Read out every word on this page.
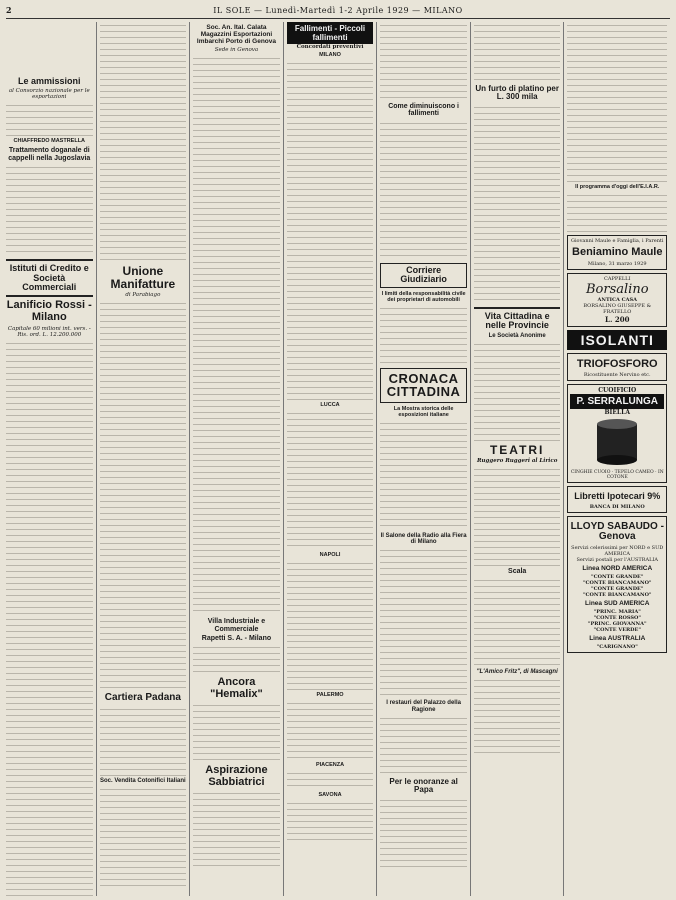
2	IL SOLE — Lunedì-Martedì 1-2 Aprile 1929 — MILANO
Le ammissioni
al Consorzio nazionale per le esportazioni
CHIAFFREDO MASTRELLA
Trattamento doganale di cappelli nella Jugoslavia
Istituti di Credito e Società Commerciali
Lanificio Rossi - Milano
Capitale 60 milioni int. vers. - Ris. ord. L. 12.200.000
Unione Manifatture
di Parabiago
Cartiera Padana
Soc. Vendita Cotonifici Italiani
Soc. An. Ital. Calata Magazzini Esportazioni Imbarchi Porto di Genova
Sede in Genova
Villa Industriale e Commerciale
Rapetti S. A. - Milano
Ancora "Hemalix"
Aspirazione Sabbiatrici
Fallimenti - Piccoli fallimenti
Concordati preventivi
MILANO
LUCCA
NAPOLI
PALERMO
PIACENZA
SAVONA
Come diminuiscono i fallimenti
Corriere Giudiziario
I limiti della responsabilità civile dei proprietari di automobili
CRONACA CITTADINA
La Mostra storica delle esposizioni italiane
Il Salone della Radio alla Fiera di Milano
I restauri del Palazzo della Ragione
Per le onoranze al Papa
Un furto di platino per L. 300 mila
Vita Cittadina e nelle Provincie
Le Società Anonime
TEATRI
Ruggero Ruggeri al Lirico
Scala
"L'Amico Fritz", di Mascagni
Il programma d'oggi dell'E.I.A.R.
Giovanni Maule e Famiglia, i Parenti
Beniamino Maule
Milano, 31 marzo 1929
CAPPELLI
Borsalino
ANTICA CASA
BORSALINO GIUSEPPE & FRATELLO
L. 200
ISOLANTI
TRIOFOSFORO
Ricostituente Nervino etc.
CUOIFICIO
P. SERRALUNGA
BIELLA
CINGHIE CUOIO · TEPELO CAMEO · IN COTONE
Libretti Ipotecari 9%
BANCA DI MILANO
LLOYD SABAUDO - Genova
Servizi celerissimi per NORD e SUD AMERICA
Servizi postali per l'AUSTRALIA
Linea NORD AMERICA
"CONTE GRANDE"
"CONTE BIANCAMANO"
"CONTE GRANDE"
"CONTE BIANCAMANO"
Linea SUD AMERICA
"PRINC. MARIA"
"CONTE ROSSO"
"PRINC. GIOVANNA"
"CONTE VERDE"
Linea AUSTRALIA
"CARIGNANO"
